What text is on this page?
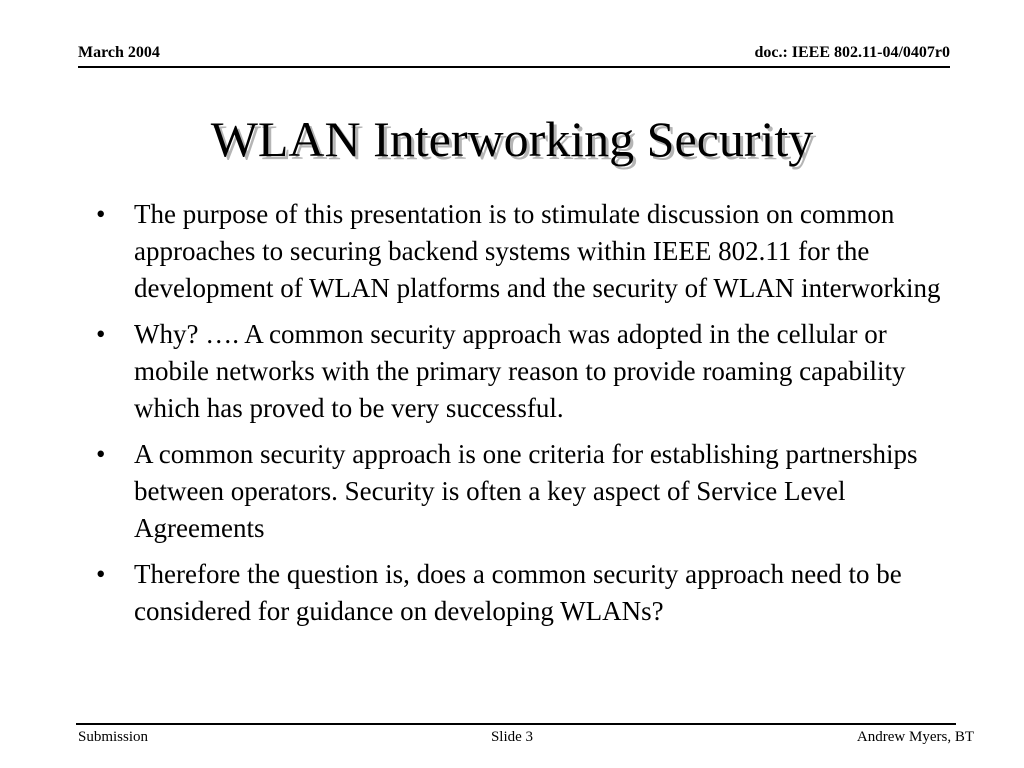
March 2004	doc.: IEEE 802.11-04/0407r0
WLAN Interworking Security
•	The purpose of this presentation is to stimulate discussion on common approaches to securing backend systems within IEEE 802.11 for the development of WLAN platforms and the security of WLAN interworking
•	Why? …. A common security approach was adopted in the cellular or mobile networks with the primary reason to provide roaming capability which has proved to be very successful.
•	A common security approach is one criteria for establishing partnerships between operators. Security is often a key aspect of Service Level Agreements
•	Therefore the question is, does a common security approach need to be considered for guidance on developing WLANs?
Submission	Slide 3	Andrew Myers, BT
